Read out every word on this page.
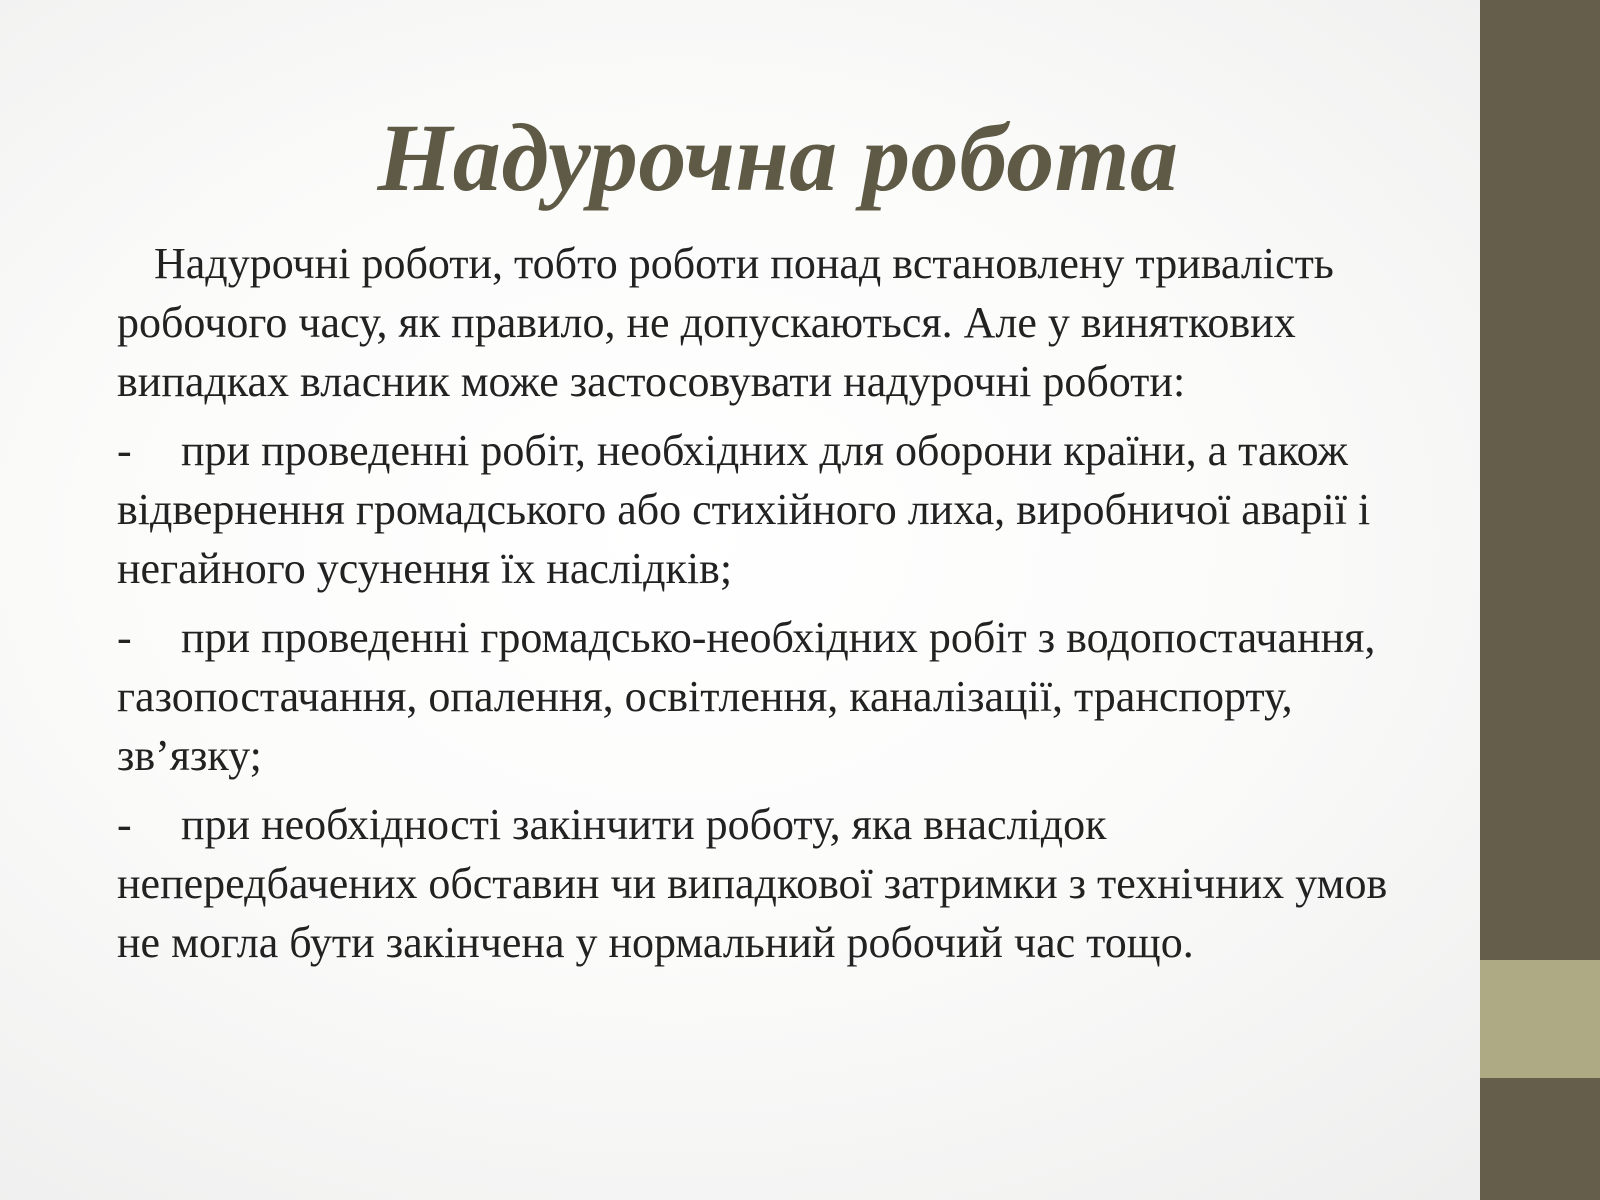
Надурочна робота

Надурочні роботи, тобто роботи понад встановлену тривалість робочого часу, як правило, не допускаються. Але у виняткових випадках власник може застосовувати надурочні роботи:

- при проведенні робіт, необхідних для оборони країни, а також відвернення громадського або стихійного лиха, виробничої аварії і негайного усунення їх наслідків;

- при проведенні громадсько-необхідних робіт з водопостачання, газопостачання, опалення, освітлення, каналізації, транспорту, зв’язку;

- при необхідності закінчити роботу, яка внаслідок непередбачених обставин чи випадкової затримки з технічних умов не могла бути закінчена у нормальний робочий час тощо.
